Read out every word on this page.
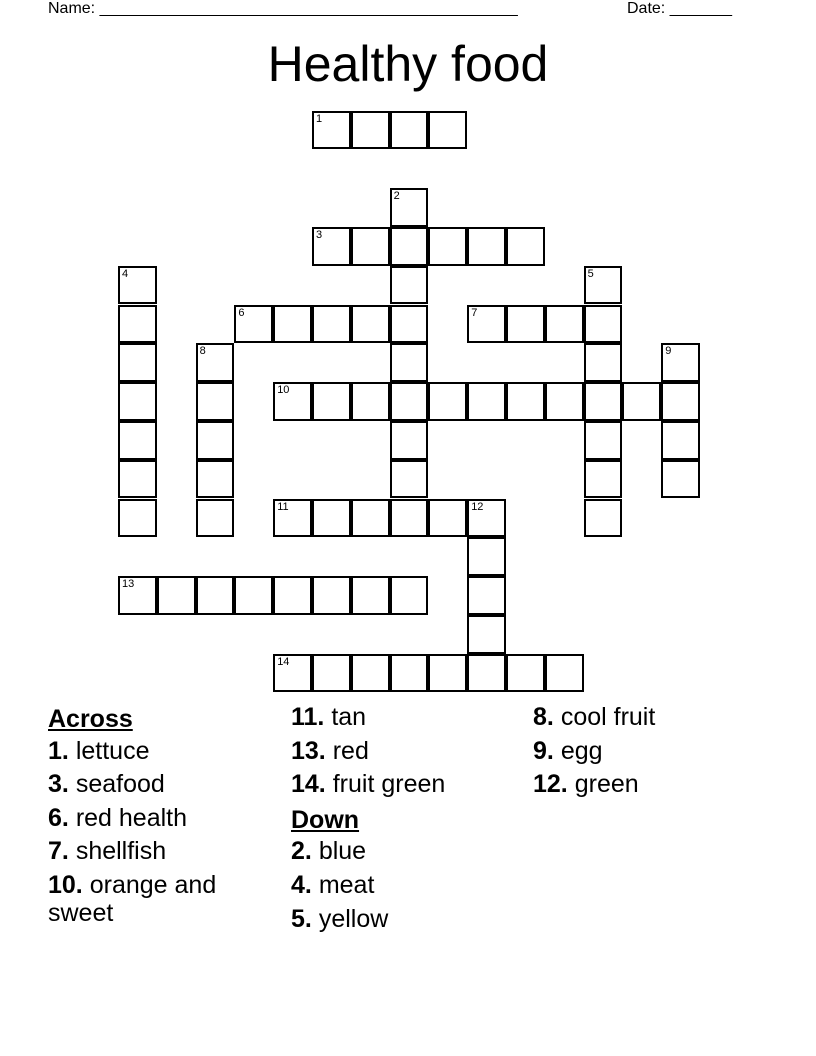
Name: _______________________________________________	Date: _______
Healthy food
1
2
3
4	5
6	7
8	9
10
11	12
13
14
Across
1. lettuce
3. seafood
6. red health
7. shellfish
10. orange and sweet
11. tan
13. red
14. fruit green
Down
2. blue
4. meat
5. yellow
8. cool fruit
9. egg
12. green
